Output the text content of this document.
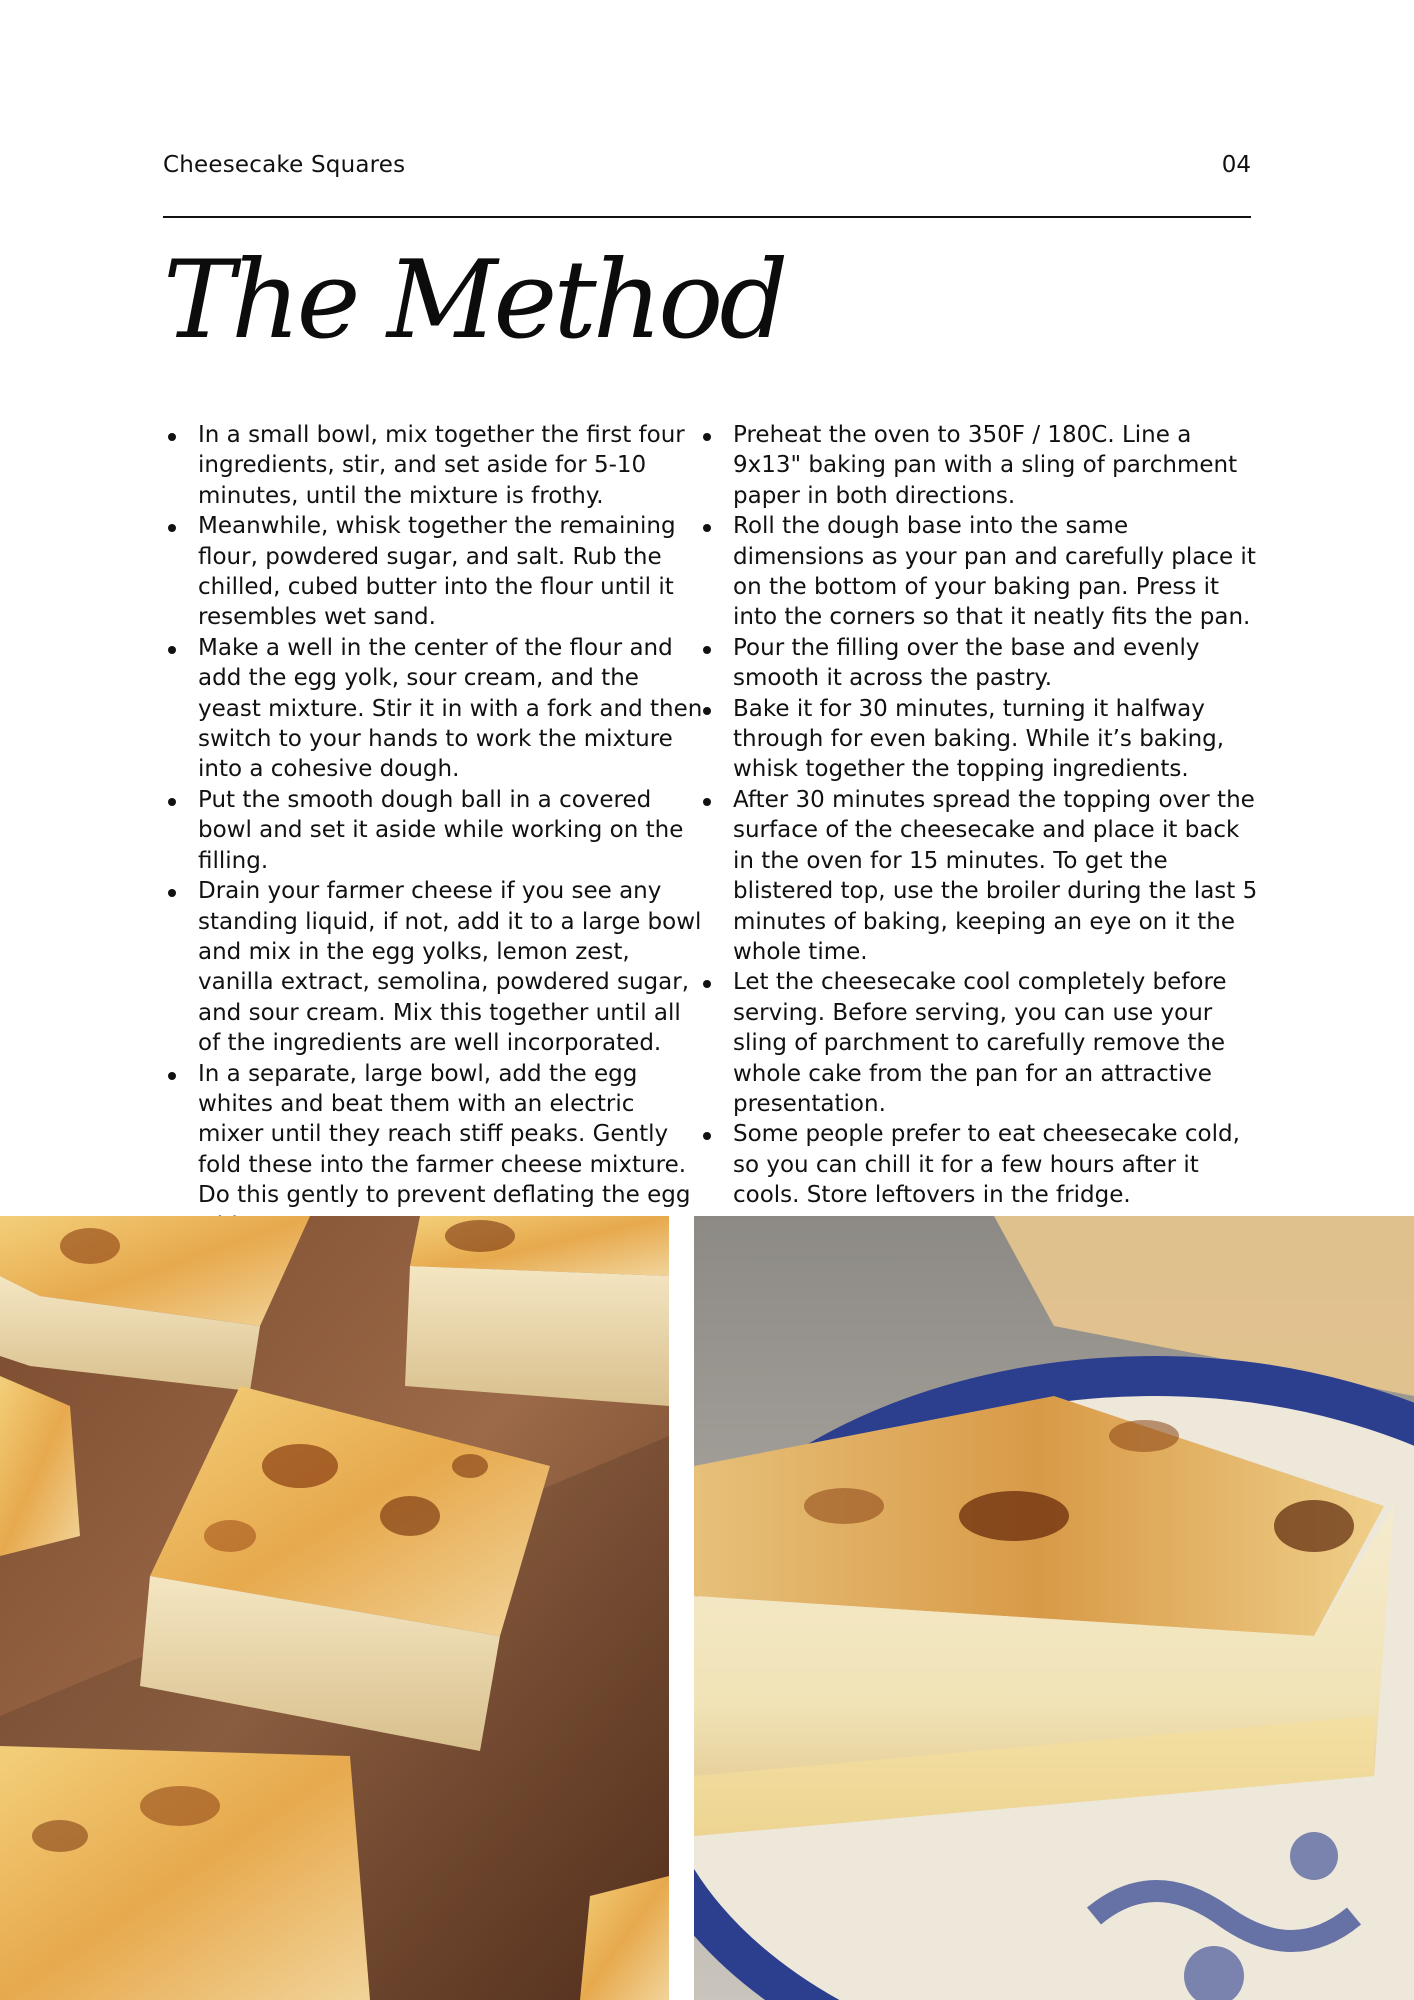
Cheesecake Squares	04
The Method
In a small bowl, mix together the first four ingredients, stir, and set aside for 5-10 minutes, until the mixture is frothy.
Meanwhile, whisk together the remaining flour, powdered sugar, and salt. Rub the chilled, cubed butter into the flour until it resembles wet sand.
Make a well in the center of the flour and add the egg yolk, sour cream, and the yeast mixture. Stir it in with a fork and then switch to your hands to work the mixture into a cohesive dough.
Put the smooth dough ball in a covered bowl and set it aside while working on the filling.
Drain your farmer cheese if you see any standing liquid, if not, add it to a large bowl and mix in the egg yolks, lemon zest, vanilla extract, semolina, powdered sugar, and sour cream. Mix this together until all of the ingredients are well incorporated.
In a separate, large bowl, add the egg whites and beat them with an electric mixer until they reach stiff peaks. Gently fold these into the farmer cheese mixture. Do this gently to prevent deflating the egg
Preheat the oven to 350F / 180C. Line a 9x13" baking pan with a sling of parchment paper in both directions.
Roll the dough base into the same dimensions as your pan and carefully place it on the bottom of your baking pan. Press it into the corners so that it neatly fits the pan.
Pour the filling over the base and evenly smooth it across the pastry.
Bake it for 30 minutes, turning it halfway through for even baking. While it’s baking, whisk together the topping ingredients.
After 30 minutes spread the topping over the surface of the cheesecake and place it back in the oven for 15 minutes. To get the blistered top, use the broiler during the last 5 minutes of baking, keeping an eye on it the whole time.
Let the cheesecake cool completely before serving. Before serving, you can use your sling of parchment to carefully remove the whole cake from the pan for an attractive presentation.
Some people prefer to eat cheesecake cold, so you can chill it for a few hours after it cools. Store leftovers in the fridge.
